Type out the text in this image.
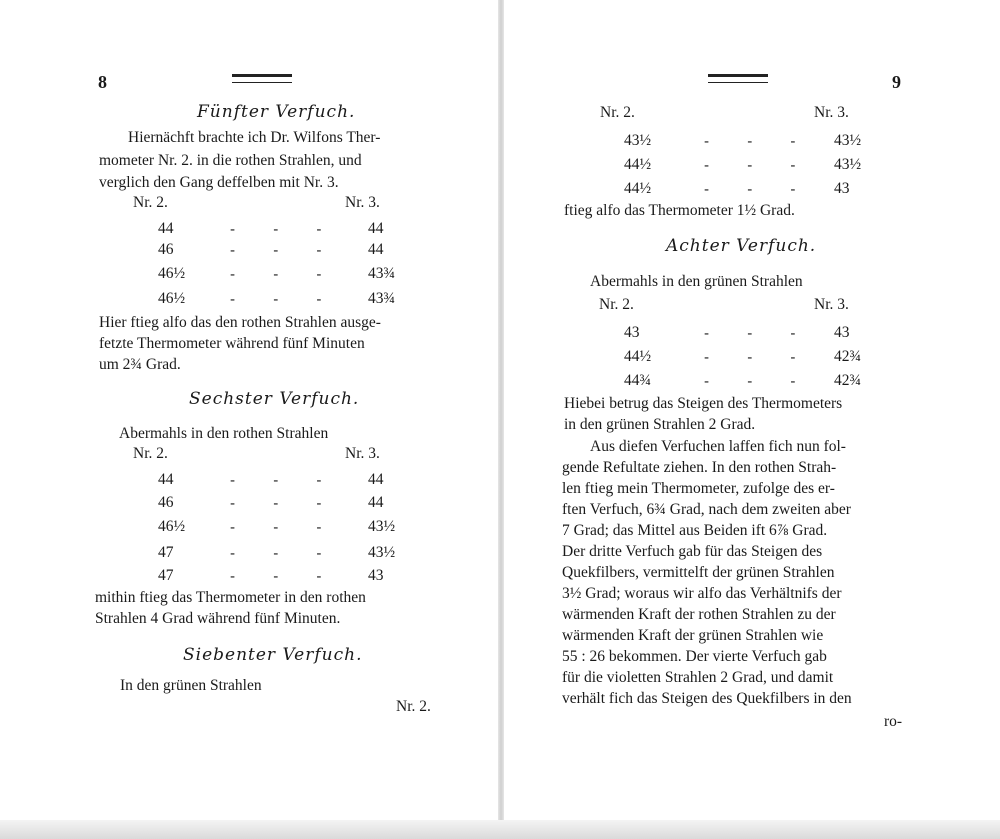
8
Fünfter Verfuch.
Hiernächft brachte ich Dr. Wilfons Ther-
mometer Nr. 2. in die rothen Strahlen, und
verglich den Gang deffelben mit Nr. 3.
Nr. 2.	Nr. 3.
44	-        -        -	44
46	-        -        -	44
46½	-        -        -	43¾
46½	-        -        -	43¾
Hier ftieg alfo das den rothen Strahlen ausge-
fetzte Thermometer während fünf Minuten
um 2¾ Grad.
Sechster Verfuch.
Abermahls in den rothen Strahlen
Nr. 2.	Nr. 3.
44	-        -        -	44
46	-        -        -	44
46½	-        -        -	43½
47	-        -        -	43½
47	-        -        -	43
mithin ftieg das Thermometer in den rothen
Strahlen 4 Grad während fünf Minuten.
Siebenter Verfuch.
In den grünen Strahlen
Nr. 2.
9
Nr. 2.	Nr. 3.
43½	-        -        - 43½
44½	-        -        - 43½
44½	-        -        - 43
ftieg alfo das Thermometer 1½ Grad.
Achter Verfuch.
Abermahls in den grünen Strahlen
Nr. 2.	Nr. 3.
43	-        -        - 43
44½	-        -        - 42¾
44¾	-        -        - 42¾
Hiebei betrug das Steigen des Thermometers
in den grünen Strahlen 2 Grad.
Aus diefen Verfuchen laffen fich nun fol-
gende Refultate ziehen. In den rothen Strah-
len ftieg mein Thermometer, zufolge des er-
ften Verfuch, 6¾ Grad, nach dem zweiten aber
7 Grad; das Mittel aus Beiden ift 6⅞ Grad.
Der dritte Verfuch gab für das Steigen des
Quekfilbers, vermittelft der grünen Strahlen
3½ Grad; woraus wir alfo das Verhältnifs der
wärmenden Kraft der rothen Strahlen zu der
wärmenden Kraft der grünen Strahlen wie
55 : 26 bekommen. Der vierte Verfuch gab
für die violetten Strahlen 2 Grad, und damit
verhält fich das Steigen des Quekfilbers in den
ro-
